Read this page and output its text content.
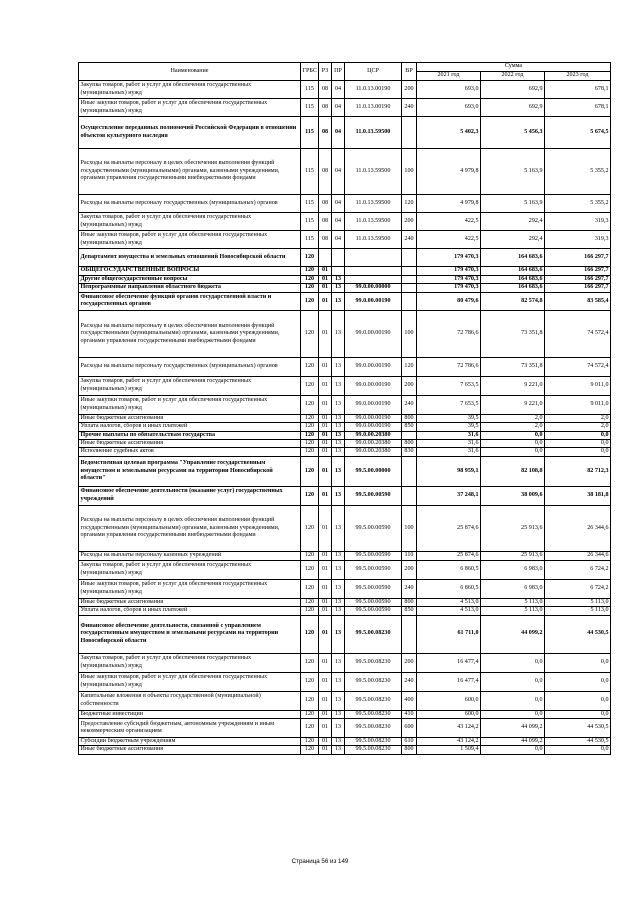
Наименование	ГРБС	РЗ	ПР	ЦСР	ВР	Сумма		
						2021 год	2022 год	2023 год
Закупка товаров, работ и услуг для обеспечения государственных (муниципальных) нужд	115	08	04	11.0.13.00190	200	693,0	692,9	678,1
Иные закупки товаров, работ и услуг для обеспечения государственных (муниципальных) нужд	115	08	04	11.0.13.00190	240	693,0	692,9	678,1
Осуществление переданных полномочий Российской Федерации в отношении объектов культурного наследия	115	08	04	11.0.13.59500		5 402,3	5 456,3	5 674,5
Расходы на выплаты персоналу в целях обеспечения выполнения функций государственными (муниципальными) органами, казенными учреждениями, органами управления государственными внебюджетными фондами	115	08	04	11.0.13.59500	100	4 979,8	5 163,9	5 355,2
Расходы на выплаты персоналу государственных (муниципальных) органов	115	08	04	11.0.13.59500	120	4 979,8	5 163,9	5 355,2
Закупка товаров, работ и услуг для обеспечения государственных (муниципальных) нужд	115	08	04	11.0.13.59500	200	422,5	292,4	319,3
Иные закупки товаров, работ и услуг для обеспечения государственных (муниципальных) нужд	115	08	04	11.0.13.59500	240	422,5	292,4	319,3
Департамент имущества и земельных отношений Новосибирской области	120					179 470,3	164 683,6	166 297,7
ОБЩЕГОСУДАРСТВЕННЫЕ ВОПРОСЫ	120	01				179 470,3	164 683,6	166 297,7
Другие общегосударственные вопросы	120	01	13			179 470,3	164 683,6	166 297,7
Непрограммные направления областного бюджета	120	01	13	99.0.00.00000		179 470,3	164 683,6	166 297,7
Финансовое обеспечение функций органов государственной власти и государственных органов	120	01	13	99.0.00.00190		80 479,6	82 574,8	83 585,4
Расходы на выплаты персоналу в целях обеспечения выполнения функций государственными (муниципальными) органами, казенными учреждениями, органами управления государственными внебюджетными фондами	120	01	13	99.0.00.00190	100	72 786,6	73 351,8	74 572,4
Расходы на выплаты персоналу государственных (муниципальных) органов	120	01	13	99.0.00.00190	120	72 786,6	73 351,8	74 572,4
Закупка товаров, работ и услуг для обеспечения государственных (муниципальных) нужд	120	01	13	99.0.00.00190	200	7 653,5	9 221,0	9 011,0
Иные закупки товаров, работ и услуг для обеспечения государственных (муниципальных) нужд	120	01	13	99.0.00.00190	240	7 653,5	9 221,0	9 011,0
Иные бюджетные ассигнования	120	01	13	99.0.00.00190	800	39,5	2,0	2,0
Уплата налогов, сборов и иных платежей	120	01	13	99.0.00.00190	850	39,5	2,0	2,0
Прочие выплаты по обязательствам государства	120	01	13	99.0.00.20380		31,6	0,0	0,0
Иные бюджетные ассигнования	120	01	13	99.0.00.20380	800	31,6	0,0	0,0
Исполнение судебных актов	120	01	13	99.0.00.20380	830	31,6	0,0	0,0
Ведомственная целевая программа "Управление государственным имуществом и земельными ресурсами на территории Новосибирской области"	120	01	13	99.5.00.00000		98 959,1	82 108,8	82 712,3
Финансовое обеспечение деятельности (оказание услуг) государственных учреждений	120	01	13	99.5.00.00590		37 248,1	38 009,6	38 181,8
Расходы на выплаты персоналу в целях обеспечения выполнения функций государственными (муниципальными) органами, казенными учреждениями, органами управления государственными внебюджетными фондами	120	01	13	99.5.00.00590	100	25 874,6	25 913,6	26 344,6
Расходы на выплаты персоналу казенных учреждений	120	01	13	99.5.00.00590	110	25 874,6	25 913,6	26 344,6
Закупка товаров, работ и услуг для обеспечения государственных (муниципальных) нужд	120	01	13	99.5.00.00590	200	6 860,5	6 983,0	6 724,2
Иные закупки товаров, работ и услуг для обеспечения государственных (муниципальных) нужд	120	01	13	99.5.00.00590	240	6 860,5	6 983,0	6 724,2
Иные бюджетные ассигнования	120	01	13	99.5.00.00590	800	4 513,0	5 113,0	5 113,0
Уплата налогов, сборов и иных платежей	120	01	13	99.5.00.00590	850	4 513,0	5 113,0	5 113,0
Финансовое обеспечение деятельности, связанной с управлением государственным имуществом и земельными ресурсами на территории Новосибирской области	120	01	13	99.5.00.08230		61 711,0	44 099,2	44 530,5
Закупка товаров, работ и услуг для обеспечения государственных (муниципальных) нужд	120	01	13	99.5.00.08230	200	16 477,4	0,0	0,0
Иные закупки товаров, работ и услуг для обеспечения государственных (муниципальных) нужд	120	01	13	99.5.00.08230	240	16 477,4	0,0	0,0
Капитальные вложения в объекты государственной (муниципальной) собственности	120	01	13	99.5.00.08230	400	600,0	0,0	0,0
Бюджетные инвестиции	120	01	13	99.5.00.08230	410	600,0	0,0	0,0
Предоставление субсидий бюджетным, автономным учреждениям и иным некоммерческим организациям	120	01	13	99.5.00.08230	600	43 124,2	44 099,2	44 530,5
Субсидии бюджетным учреждениям	120	01	13	99.5.00.08230	610	43 124,2	44 099,2	44 530,5
Иные бюджетные ассигнования	120	01	13	99.5.00.08230	800	1 509,4	0,0	0,0
Страница 56 из 149
